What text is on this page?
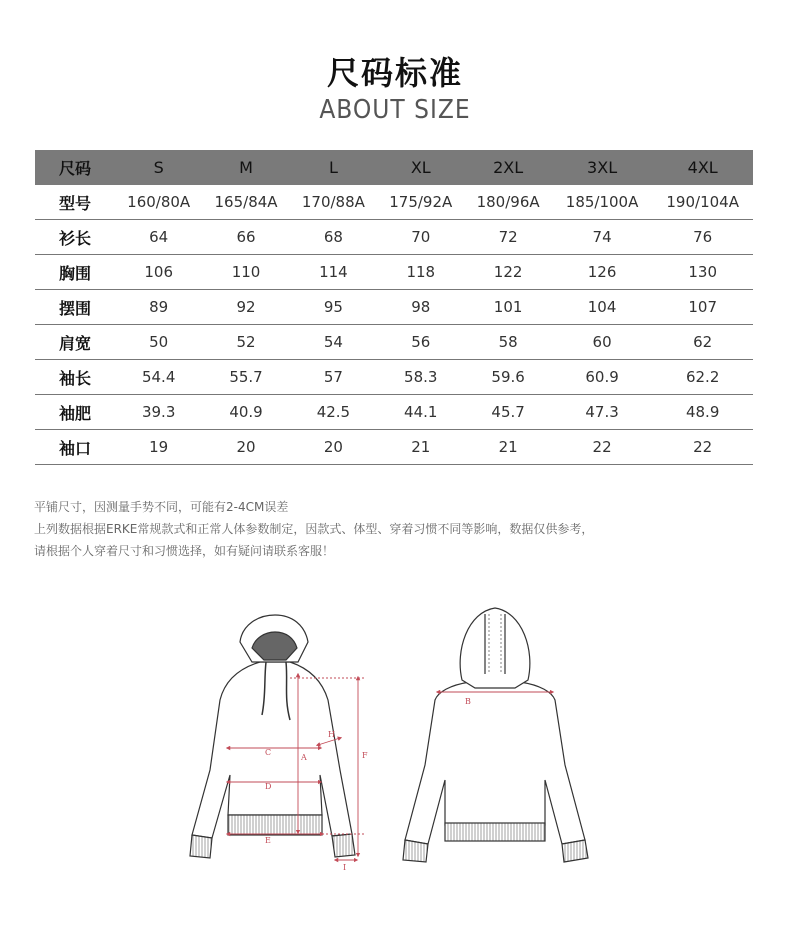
尺码标准
ABOUT SIZE
尺码	S	M	L	XL	2XL	3XL	4XL
型号	160/80A	165/84A	170/88A	175/92A	180/96A	185/100A	190/104A
衫长	64	66	68	70	72	74	76
胸围	106	110	114	118	122	126	130
摆围	89	92	95	98	101	104	107
肩宽	50	52	54	56	58	60	62
袖长	54.4	55.7	57	58.3	59.6	60.9	62.2
袖肥	39.3	40.9	42.5	44.1	45.7	47.3	48.9
袖口	19	20	20	21	21	22	22
平铺尺寸，因测量手势不同，可能有2-4CM误差
上列数据根据ERKE常规款式和正常人体参数制定，因款式、体型、穿着习惯不同等影响，数据仅供参考，
请根据个人穿着尺寸和习惯选择，如有疑问请联系客服！
C
D
E
A	F
H
I
B
